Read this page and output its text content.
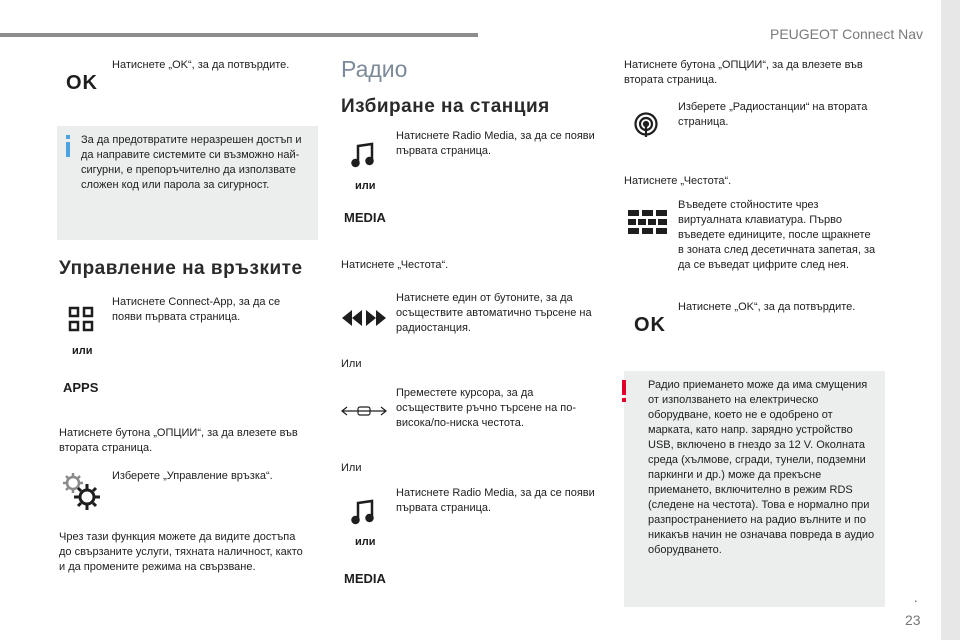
PEUGEOT Connect Nav
.
23
OK
Натиснете „OK“, за да потвърдите.
За да предотвратите неразрешен достъп и да направите системите си възможно най-сигурни, е препоръчително да използвате сложен код или парола за сигурност.
Управление на връзките
Натиснете Connect-App, за да се появи първата страница.
или
APPS
Натиснете бутона „ОПЦИИ“, за да влезете във втората страница.
Изберете „Управление връзка“.
Чрез тази функция можете да видите достъпа до свързаните услуги, тяхната наличност, както и да промените режима на свързване.
Радио
Избиране на станция
Натиснете Radio Media, за да се появи първата страница.
или
MEDIA
Натиснете „Честота“.
Натиснете един от бутоните, за да осъществите автоматично търсене на радиостанция.
Или
Преместете курсора, за да осъществите ръчно търсене на по-висока/по-ниска честота.
Или
Натиснете Radio Media, за да се появи първата страница.
или
MEDIA
Натиснете бутона „ОПЦИИ“, за да влезете във втората страница.
Изберете „Радиостанции“ на втората страница.
Натиснете „Честота“.
Въведете стойностите чрез виртуалната клавиатура. Първо въведете единиците, после щракнете в зоната след десетичната запетая, за да се въведат цифрите след нея.
OK
Натиснете „OK“, за да потвърдите.
Радио приемането може да има смущения от използването на електрическо оборудване, което не е одобрено от марката, като напр. зарядно устройство USB, включено в гнездо за 12 V. Околната среда (хълмове, сгради, тунели, подземни паркинги и др.) може да прекъсне приемането, включително в режим RDS (следене на честота). Това е нормално при разпространението на радио вълните и по никакъв начин не означава повреда в аудио оборудването.
